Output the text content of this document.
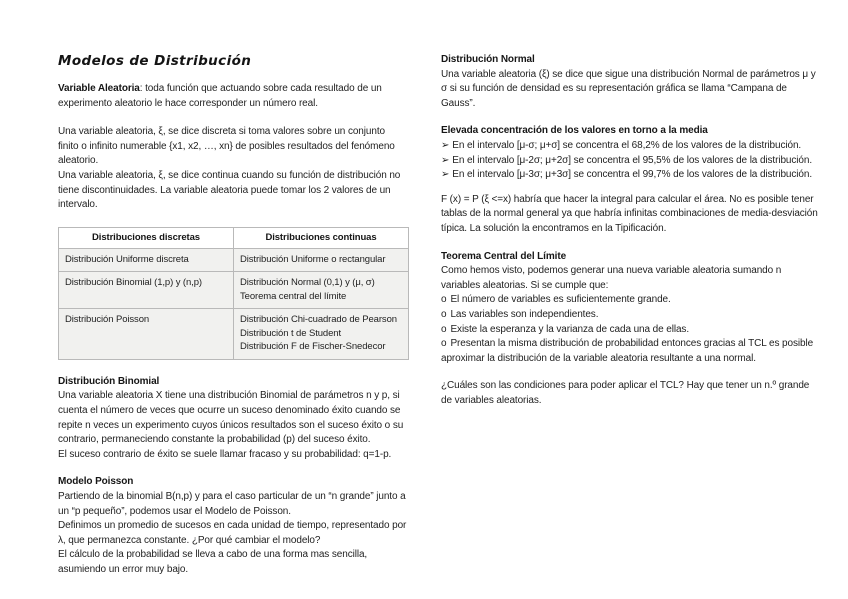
Modelos de Distribución

Variable Aleatoria: toda función que actuando sobre cada resultado de un experimento aleatorio le hace corresponder un número real.

Una variable aleatoria, ξ, se dice discreta si toma valores sobre un conjunto finito o infinito numerable {x1, x2, …, xn} de posibles resultados del fenómeno aleatorio.

Una variable aleatoria, ξ, se dice continua cuando su función de distribución no tiene discontinuidades. La variable aleatoria puede tomar los 2 valores de un intervalo.

Distribuciones discretas	Distribuciones continuas
Distribución Uniforme discreta	Distribución Uniforme o rectangular

Distribución Binomial (1,p) y (n,p)	Distribución Normal (0,1) y (μ, σ)
Teorema central del límite

Distribución Poisson	Distribución Chi-cuadrado de Pearson
Distribución t de Student
Distribución F de Fischer-Snedecor

Distribución Binomial

Una variable aleatoria X tiene una distribución Binomial de parámetros n y p, si cuenta el número de veces que ocurre un suceso denominado éxito cuando se repite n veces un experimento cuyos únicos resultados son el suceso éxito o su contrario, permaneciendo constante la probabilidad (p) del suceso éxito.

El suceso contrario de éxito se suele llamar fracaso y su probabilidad: q=1-p.

Modelo Poisson

Partiendo de la binomial B(n,p) y para el caso particular de un “n grande” junto a un “p pequeño”, podemos usar el Modelo de Poisson.

Definimos un promedio de sucesos en cada unidad de tiempo, representado por λ, que permanezca constante. ¿Por qué cambiar el modelo?

El cálculo de la probabilidad se lleva a cabo de una forma mas sencilla, asumiendo un error muy bajo.

Distribución Normal

Una variable aleatoria (ξ) se dice que sigue una distribución Normal de parámetros μ y σ si su función de densidad es su representación gráfica se llama “Campana de Gauss”.

Elevada concentración de los valores en torno a la media

➢ En el intervalo [μ-σ; μ+σ] se concentra el 68,2% de los valores de la distribución.

➢ En el intervalo [μ-2σ; μ+2σ] se concentra el 95,5% de los valores de la distribución.

➢ En el intervalo [μ-3σ; μ+3σ] se concentra el 99,7% de los valores de la distribución.

F (x) = P (ξ <=x) habría que hacer la integral para calcular el área. No es posible tener tablas de la normal general ya que habría infinitas combinaciones de media-desviación típica. La solución la encontramos en la Tipificación.

Teorema Central del Límite

Como hemos visto, podemos generar una nueva variable aleatoria sumando n variables aleatorias. Si se cumple que:

o El número de variables es suficientemente grande.

o Las variables son independientes.

o Existe la esperanza y la varianza de cada una de ellas.

o Presentan la misma distribución de probabilidad entonces gracias al TCL es posible aproximar la distribución de la variable aleatoria resultante a una normal.

¿Cuáles son las condiciones para poder aplicar el TCL? Hay que tener un n.º grande de variables aleatorias.
